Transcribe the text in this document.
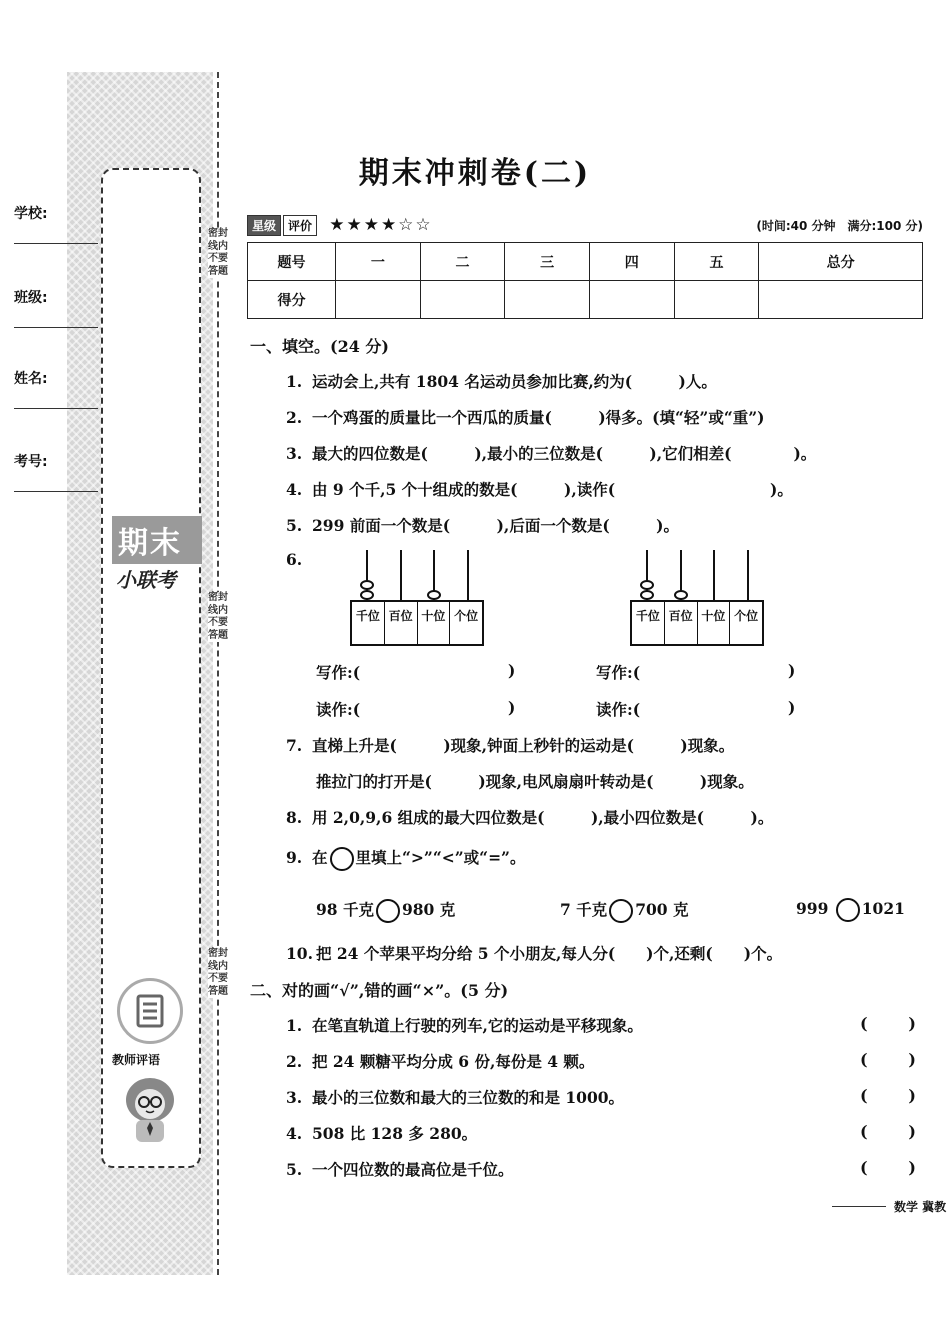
学校:
班级:
姓名:
考号:
期末
小联考
密封线内不要答题
密封线内不要答题
密封线内不要答题
教师评语
期末冲刺卷(二)
星级 评价 ★★★★☆☆	(时间:40 分钟　满分:100 分)
题号	一	二	三	四	五	总分
得分						
一、填空。(24 分)
1. 运动会上,共有 1804 名运动员参加比赛,约为(　　　)人。
2. 一个鸡蛋的质量比一个西瓜的质量(　　　)得多。(填“轻”或“重”)
3. 最大的四位数是(　　　),最小的三位数是(　　　),它们相差(　　　　)。
4. 由 9 个千,5 个十组成的数是(　　　),读作(　　　　　　　　　　)。
5. 299 前面一个数是(　　　),后面一个数是(　　　)。
6.
千位 百位 十位 个位	千位 百位 十位 个位
写作:(	)	写作:(	)
读作:(	)	读作:(	)
7. 直梯上升是(　　　)现象,钟面上秒针的运动是(　　　)现象。
推拉门的打开是(　　　)现象,电风扇扇叶转动是(　　　)现象。
8. 用 2,0,9,6 组成的最大四位数是(　　　),最小四位数是(　　　)。
9. 在 里填上“>”“<”或“=”。
98 千克 980 克	7 千克 700 克	999 1021
10. 把 24 个苹果平均分给 5 个小朋友,每人分(　　)个,还剩(　　)个。
二、对的画“√”,错的画“×”。(5 分)
1. 在笔直轨道上行驶的列车,它的运动是平移现象。	(	)
2. 把 24 颗糖平均分成 6 份,每份是 4 颗。	(	)
3. 最小的三位数和最大的三位数的和是 1000。	(	)
4. 508 比 128 多 280。	(	)
5. 一个四位数的最高位是千位。	(	)
数学 冀教
